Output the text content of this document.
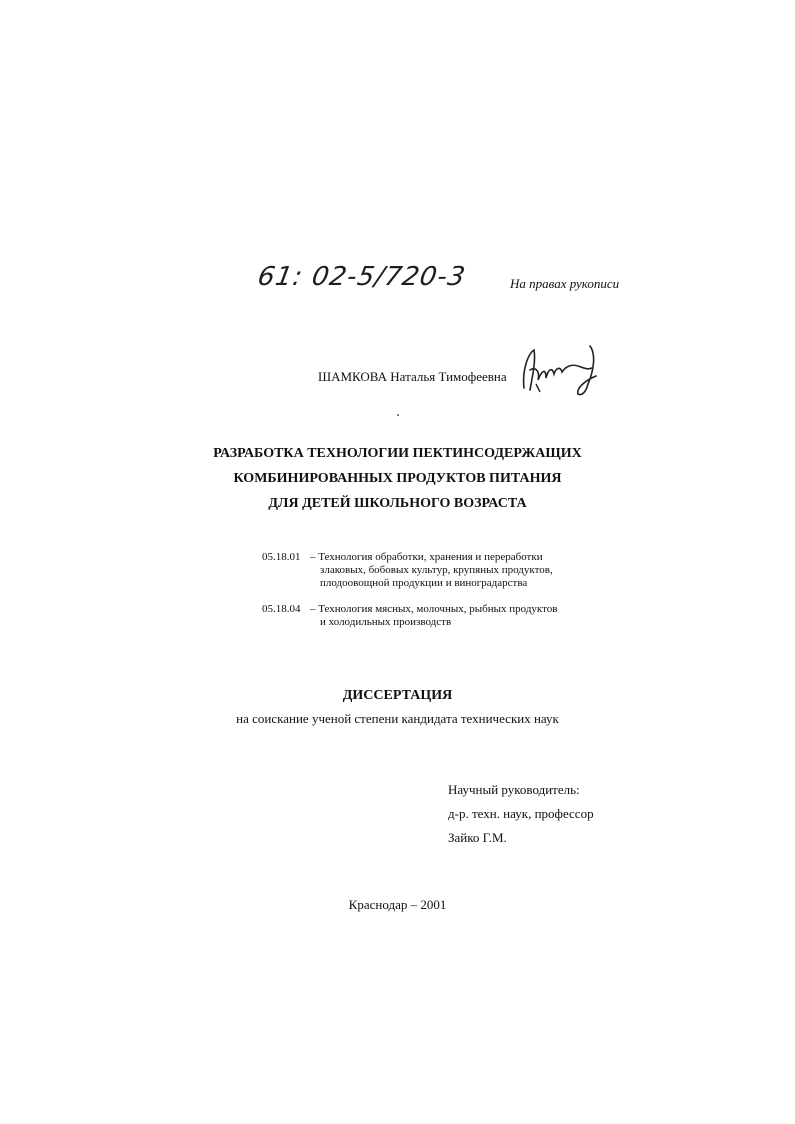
61: 02-5/720-3	На правах рукописи
ШАМКОВА Наталья Тимофеевна
РАЗРАБОТКА ТЕХНОЛОГИИ ПЕКТИНСОДЕРЖАЩИХ
КОМБИНИРОВАННЫХ ПРОДУКТОВ ПИТАНИЯ
ДЛЯ ДЕТЕЙ ШКОЛЬНОГО ВОЗРАСТА
05.18.01 – Технология обработки, хранения и переработки
злаковых, бобовых культур, крупяных продуктов,
плодоовощной продукции и виноградарства
05.18.04 – Технология мясных, молочных, рыбных продуктов
и холодильных производств
ДИССЕРТАЦИЯ
на соискание ученой степени кандидата технических наук
Научный руководитель:
д-р. техн. наук, профессор
Зайко Г.М.
Краснодар – 2001
